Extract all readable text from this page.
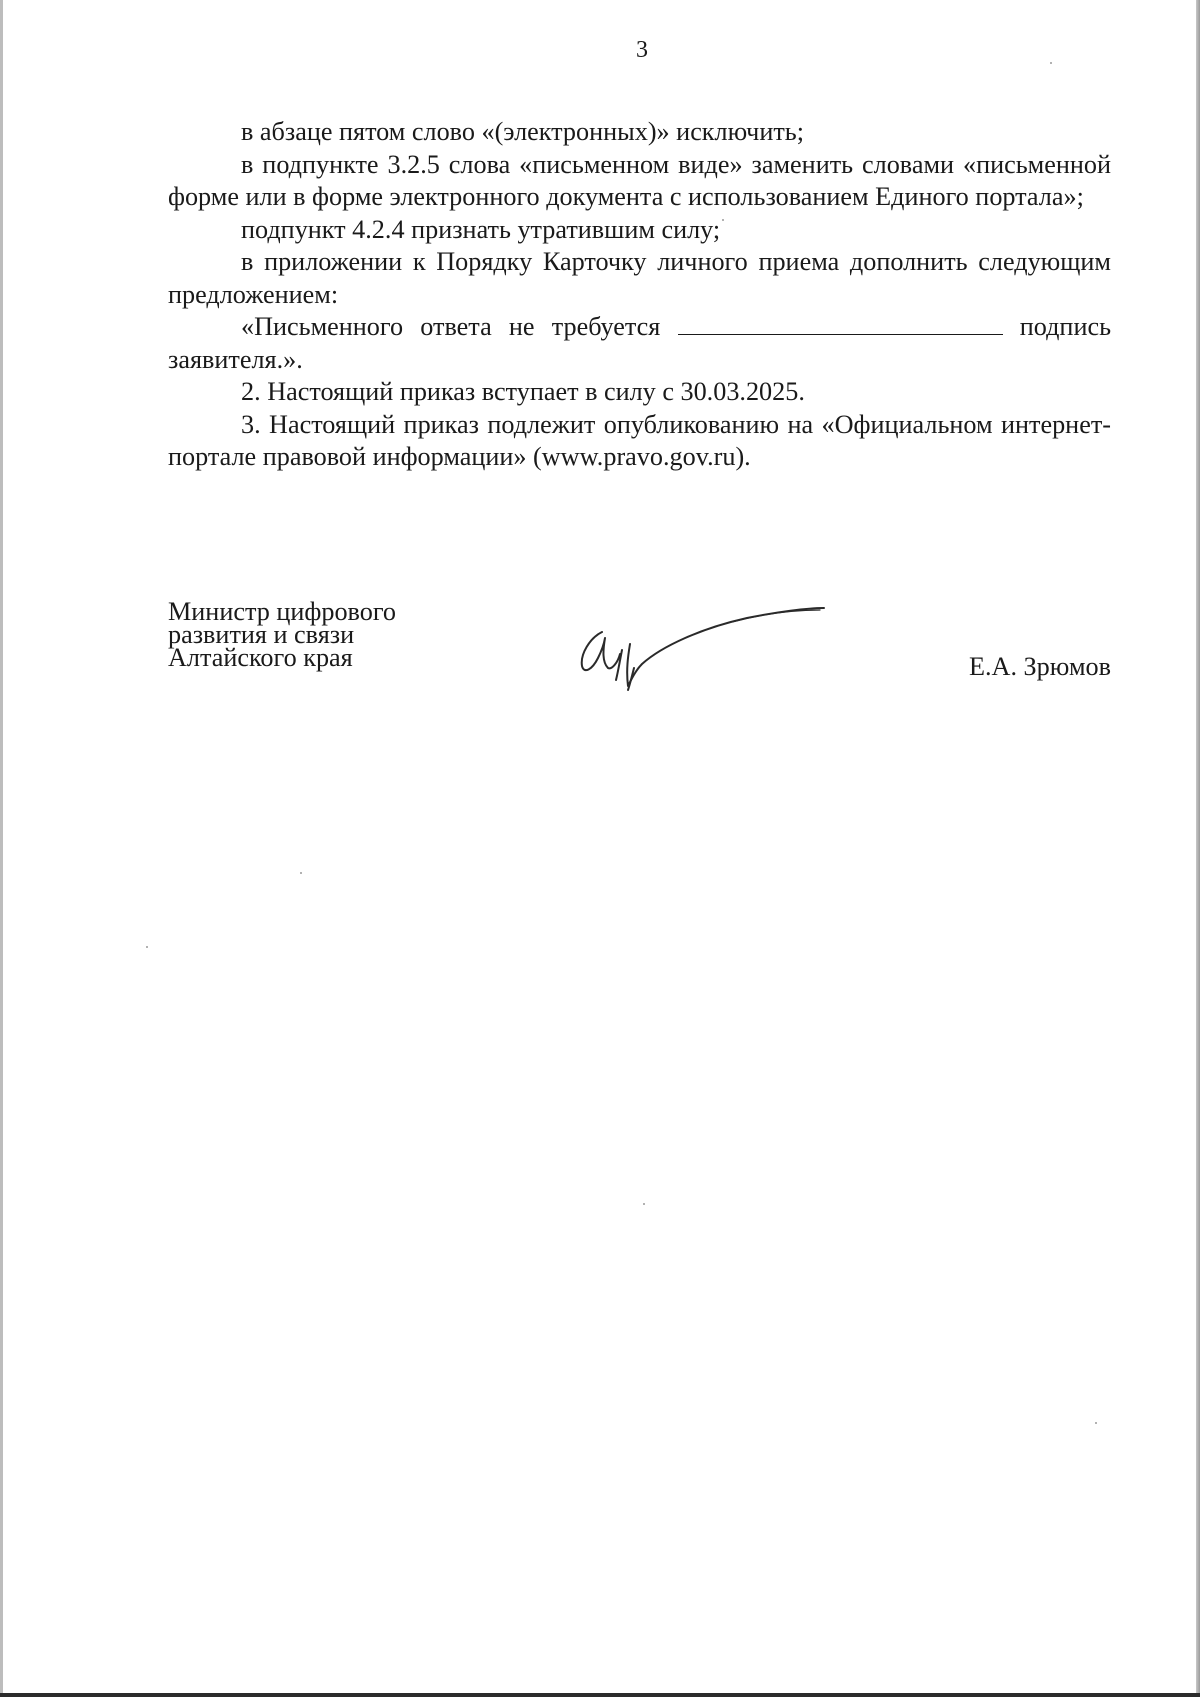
3

в абзаце пятом слово «(электронных)» исключить;

в подпункте 3.2.5 слова «письменном виде» заменить словами «письменной форме или в форме электронного документа с использованием Единого портала»;

подпункт 4.2.4 признать утратившим силу;

в приложении к Порядку Карточку личного приема дополнить следующим предложением:

«Письменного ответа не требуется	подпись заявителя.».

2. Настоящий приказ вступает в силу с 30.03.2025.

3. Настоящий приказ подлежит опубликованию на «Официальном интернет-портале правовой информации» (www.pravo.gov.ru).

Министр цифрового
развития и связи
Алтайского края	Е.А. Зрюмов
